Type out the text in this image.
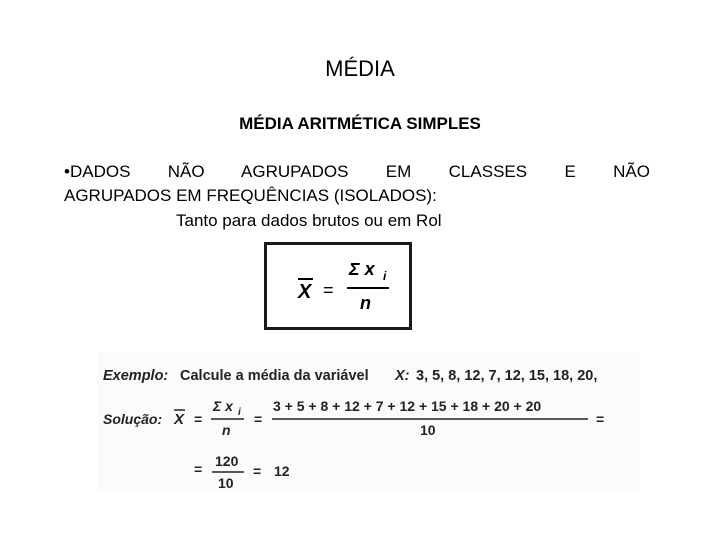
MÉDIA
MÉDIA ARITMÉTICA SIMPLES
•DADOS NÃO AGRUPADOS EM CLASSES E NÃO
AGRUPADOS EM FREQUÊNCIAS (ISOLADOS):
Tanto para dados brutos ou em Rol
X =
Σ x i
n
Exemplo: Calcule a média da variável X: 3, 5, 8, 12, 7, 12, 15, 18, 20,
Solução: X =
Σ x i
n
=
3 + 5 + 8 + 12 + 7 + 12 + 15 + 18 + 20 + 20
10
=
= 120
10
= 12
